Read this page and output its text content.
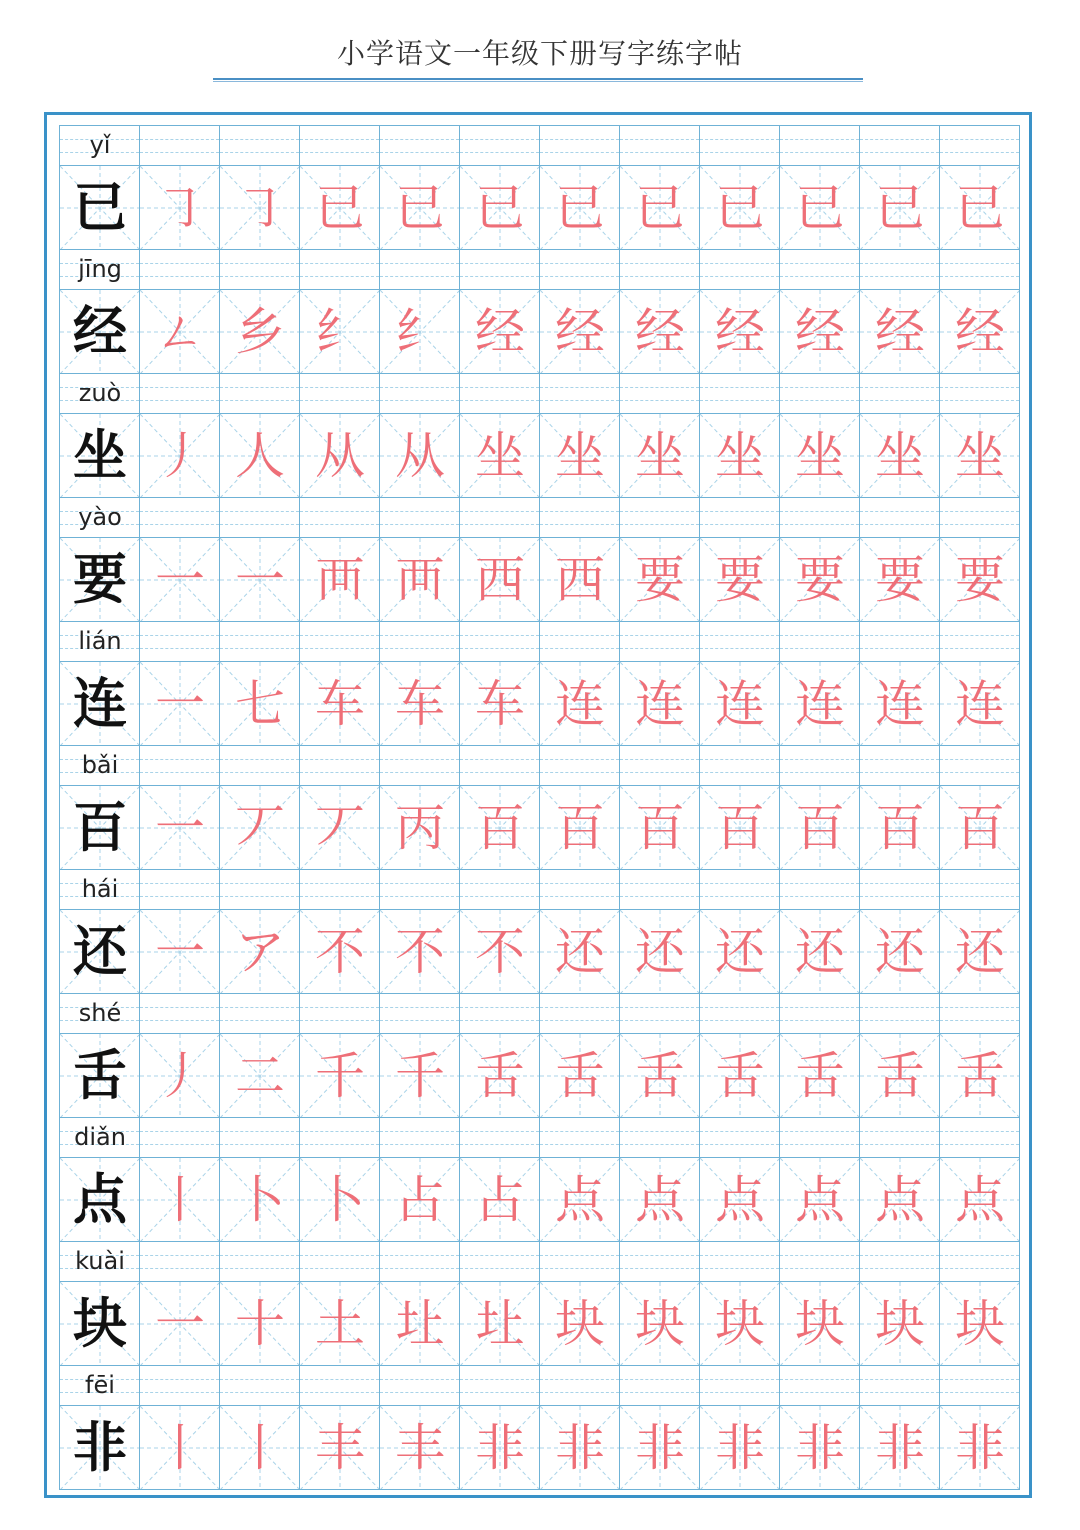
小学语文一年级下册写字练字帖
yǐ
已 ㇆ ㇆ 已 已 已 已 已 已 已 已 已
jīng
经 ㄥ 乡 纟 纟 经 经 经 经 经 经 经
zuò
坐 丿 人 从 从 坐 坐 坐 坐 坐 坐 坐
yào
要 一 一 襾 襾 西 西 要 要 要 要 要
lián
连 一 七 车 车 车 连 连 连 连 连 连
bǎi
百 一 丆 丆 丙 百 百 百 百 百 百 百
hái
还 一 ア 不 不 不 还 还 还 还 还 还
shé
舌 丿 二 千 千 舌 舌 舌 舌 舌 舌 舌
diǎn
点 丨 卜 卜 占 占 点 点 点 点 点 点
kuài
块 一 十 土 圵 圵 块 块 块 块 块 块
fēi
非 丨 丨 丰 丰 非 非 非 非 非 非 非
